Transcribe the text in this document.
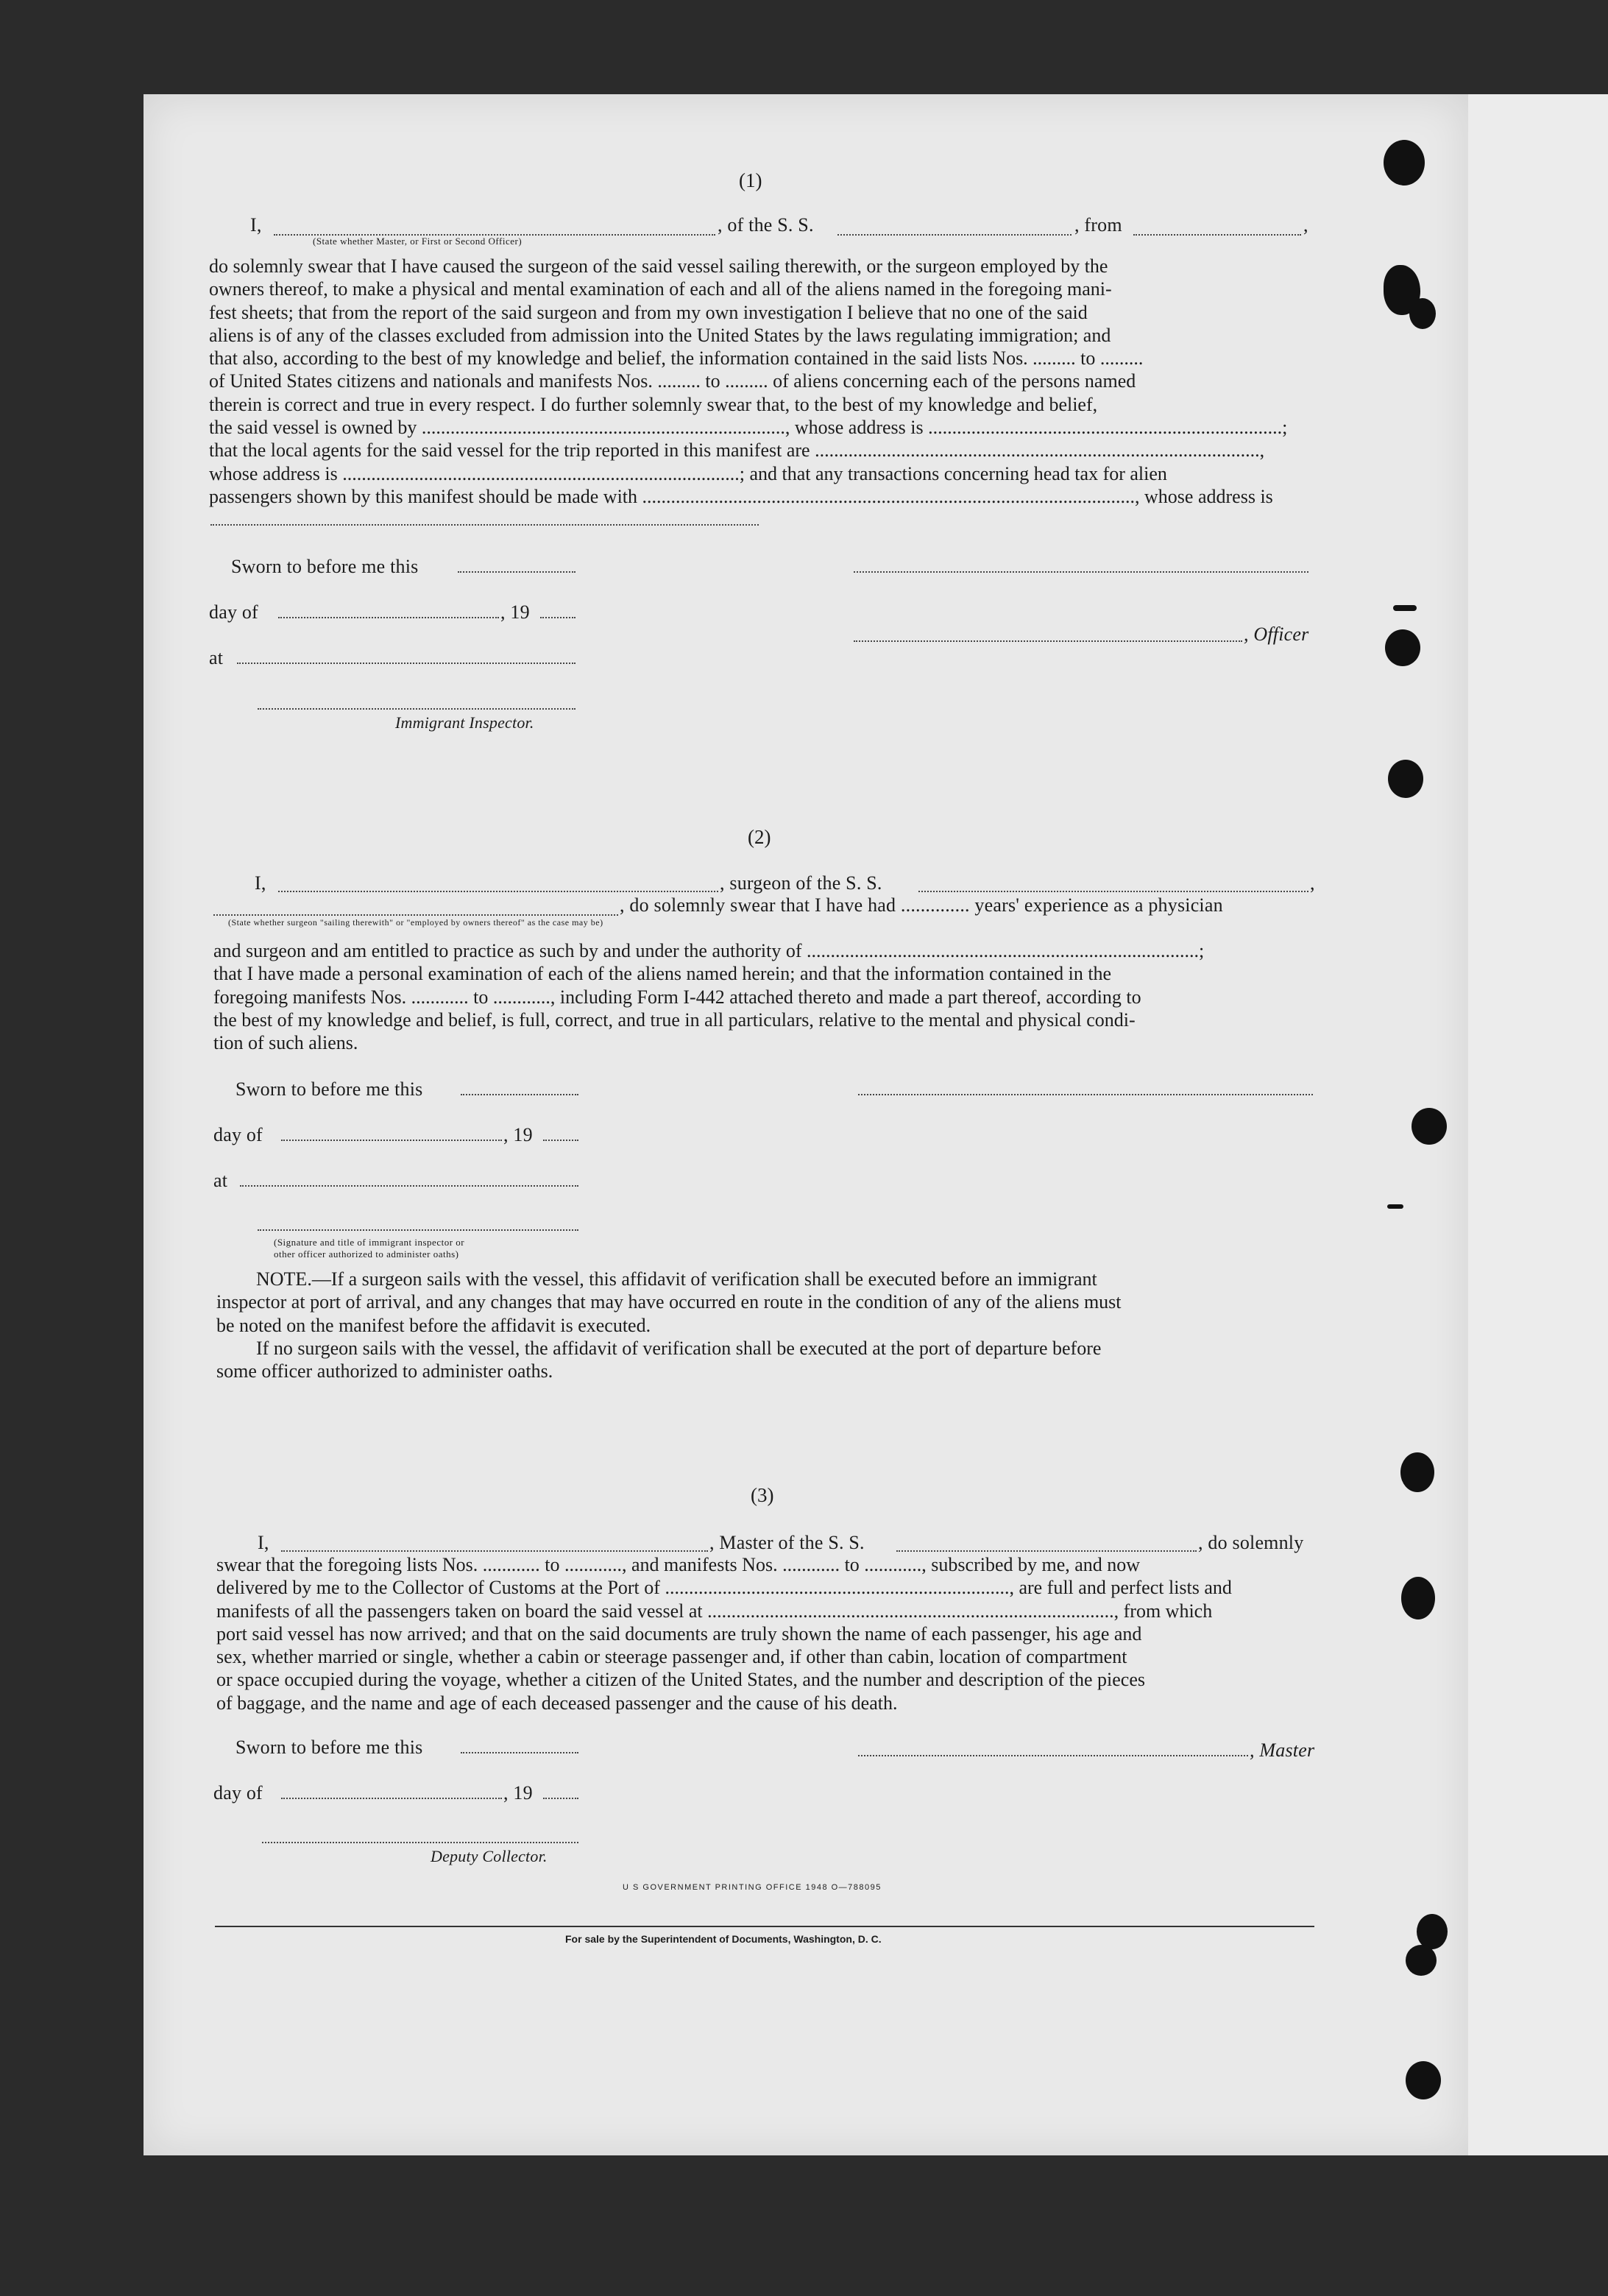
(1)
I,	, of the S. S.	, from	,
(State whether Master, or First or Second Officer)

do solemnly swear that I have caused the surgeon of the said vessel sailing therewith, or the surgeon employed by the

owners thereof, to make a physical and mental examination of each and all of the aliens named in the foregoing mani-

fest sheets; that from the report of the said surgeon and from my own investigation I believe that no one of the said

aliens is of any of the classes excluded from admission into the United States by the laws regulating immigration; and

that also, according to the best of my knowledge and belief, the information contained in the said lists Nos. ......... to .........

of United States citizens and nationals and manifests Nos. ......... to ......... of aliens concerning each of the persons named

therein is correct and true in every respect. I do further solemnly swear that, to the best of my knowledge and belief,

the said vessel is owned by ............................................................................, whose address is ..........................................................................;

that the local agents for the said vessel for the trip reported in this manifest are .............................................................................................,

whose address is ...................................................................................; and that any transactions concerning head tax for alien

passengers shown by this manifest should be made with ......................................................................................................., whose address is

Sworn to before me this
day of	, 19
, Officer
at
Immigrant Inspector.
(2)
I,	, surgeon of the S. S.	,
, do solemnly swear that I have had .............. years' experience as a physician
(State whether surgeon "sailing therewith" or "employed by owners thereof" as the case may be)

and surgeon and am entitled to practice as such by and under the authority of ..................................................................................;

that I have made a personal examination of each of the aliens named herein; and that the information contained in the

foregoing manifests Nos. ............ to ............, including Form I-442 attached thereto and made a part thereof, according to

the best of my knowledge and belief, is full, correct, and true in all particulars, relative to the mental and physical condi-

tion of such aliens.

Sworn to before me this
day of	, 19
at
(Signature and title of immigrant inspector or
other officer authorized to administer oaths)

NOTE.—If a surgeon sails with the vessel, this affidavit of verification shall be executed before an immigrant

inspector at port of arrival, and any changes that may have occurred en route in the condition of any of the aliens must

be noted on the manifest before the affidavit is executed.

If no surgeon sails with the vessel, the affidavit of verification shall be executed at the port of departure before

some officer authorized to administer oaths.

(3)
I,	, Master of the S. S.	, do solemnly

swear that the foregoing lists Nos. ............ to ............, and manifests Nos. ............ to ............, subscribed by me, and now

delivered by me to the Collector of Customs at the Port of ........................................................................, are full and perfect lists and

manifests of all the passengers taken on board the said vessel at ....................................................................................., from which

port said vessel has now arrived; and that on the said documents are truly shown the name of each passenger, his age and

sex, whether married or single, whether a cabin or steerage passenger and, if other than cabin, location of compartment

or space occupied during the voyage, whether a citizen of the United States, and the number and description of the pieces

of baggage, and the name and age of each deceased passenger and the cause of his death.

Sworn to before me this	, Master
day of	, 19
Deputy Collector.
U S GOVERNMENT PRINTING OFFICE 1948 O—788095
For sale by the Superintendent of Documents, Washington, D. C.
